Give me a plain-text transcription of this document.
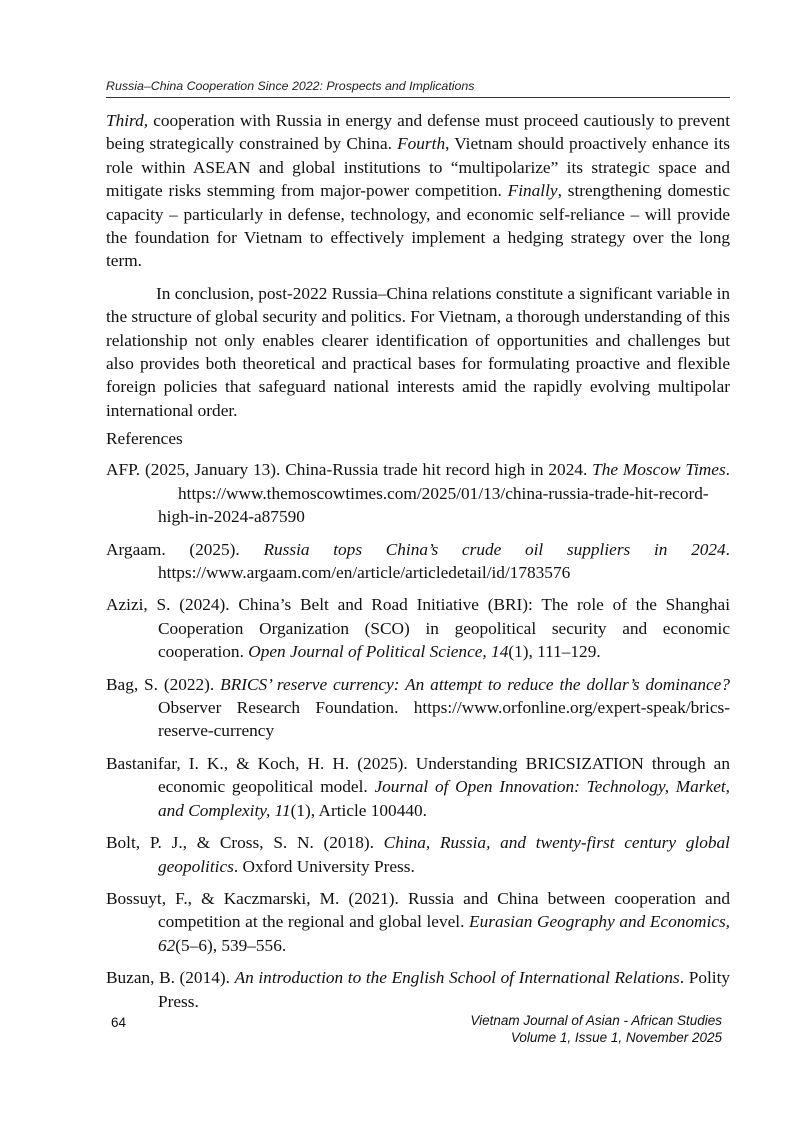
Russia–China Cooperation Since 2022: Prospects and Implications

Third, cooperation with Russia in energy and defense must proceed cautiously to prevent being strategically constrained by China. Fourth, Vietnam should proactively enhance its role within ASEAN and global institutions to “multipolarize” its strategic space and mitigate risks stemming from major-power competition. Finally, strengthening domestic capacity – particularly in defense, technology, and economic self-reliance – will provide the foundation for Vietnam to effectively implement a hedging strategy over the long term.

In conclusion, post-2022 Russia–China relations constitute a significant variable in the structure of global security and politics. For Vietnam, a thorough understanding of this relationship not only enables clearer identification of opportunities and challenges but also provides both theoretical and practical bases for formulating proactive and flexible foreign policies that safeguard national interests amid the rapidly evolving multipolar international order.

References

AFP. (2025, January 13). China-Russia trade hit record high in 2024. The Moscow Times. https://www.themoscowtimes.com/2025/01/13/china-russia-trade-hit-record-high-in-2024-a87590

Argaam. (2025). Russia tops China’s crude oil suppliers in 2024. https://www.argaam.com/en/article/articledetail/id/1783576

Azizi, S. (2024). China’s Belt and Road Initiative (BRI): The role of the Shanghai Cooperation Organization (SCO) in geopolitical security and economic cooperation. Open Journal of Political Science, 14(1), 111–129.

Bag, S. (2022). BRICS’ reserve currency: An attempt to reduce the dollar’s dominance? Observer Research Foundation. https://www.orfonline.org/expert-speak/brics-reserve-currency

Bastanifar, I. K., & Koch, H. H. (2025). Understanding BRICSIZATION through an economic geopolitical model. Journal of Open Innovation: Technology, Market, and Complexity, 11(1), Article 100440.

Bolt, P. J., & Cross, S. N. (2018). China, Russia, and twenty-first century global geopolitics. Oxford University Press.

Bossuyt, F., & Kaczmarski, M. (2021). Russia and China between cooperation and competition at the regional and global level. Eurasian Geography and Economics, 62(5–6), 539–556.

Buzan, B. (2014). An introduction to the English School of International Relations. Polity Press.

64	Vietnam Journal of Asian - African Studies
Volume 1, Issue 1, November 2025
